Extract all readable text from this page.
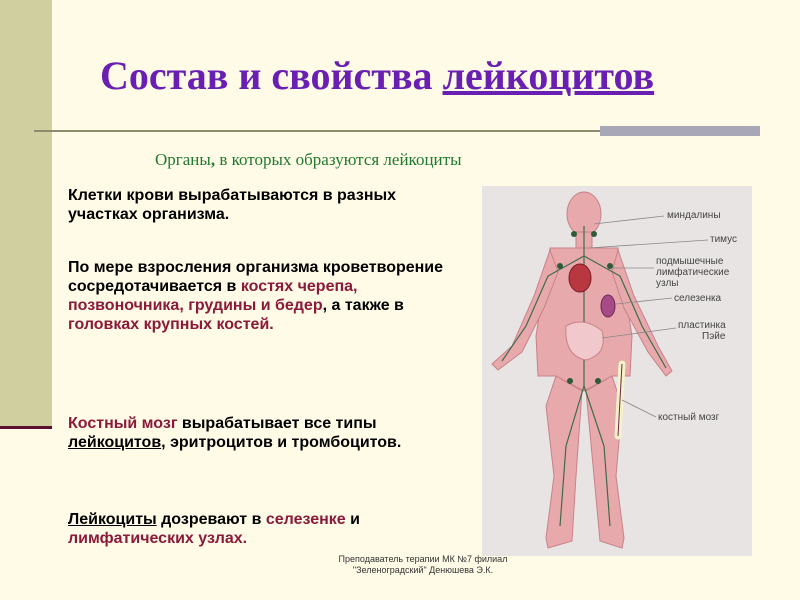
Состав и свойства лейкоцитов
Органы, в которых образуются лейкоциты
Клетки крови вырабатываются в разных участках организма.
По мере взросления организма кроветворение сосредотачивается в костях черепа, позвоночника, грудины и бедер, а также в головках крупных костей.
Костный мозг вырабатывает все типы лейкоцитов, эритроцитов и тромбоцитов.
Лейкоциты дозревают в селезенке и лимфатических узлах.
миндалины
тимус
подмышечные
лимфатические
узлы
селезенка
пластинка
Пэйе
костный мозг
Преподаватель терапии МК №7 филиал
"Зеленоградский" Денюшева Э.К.
